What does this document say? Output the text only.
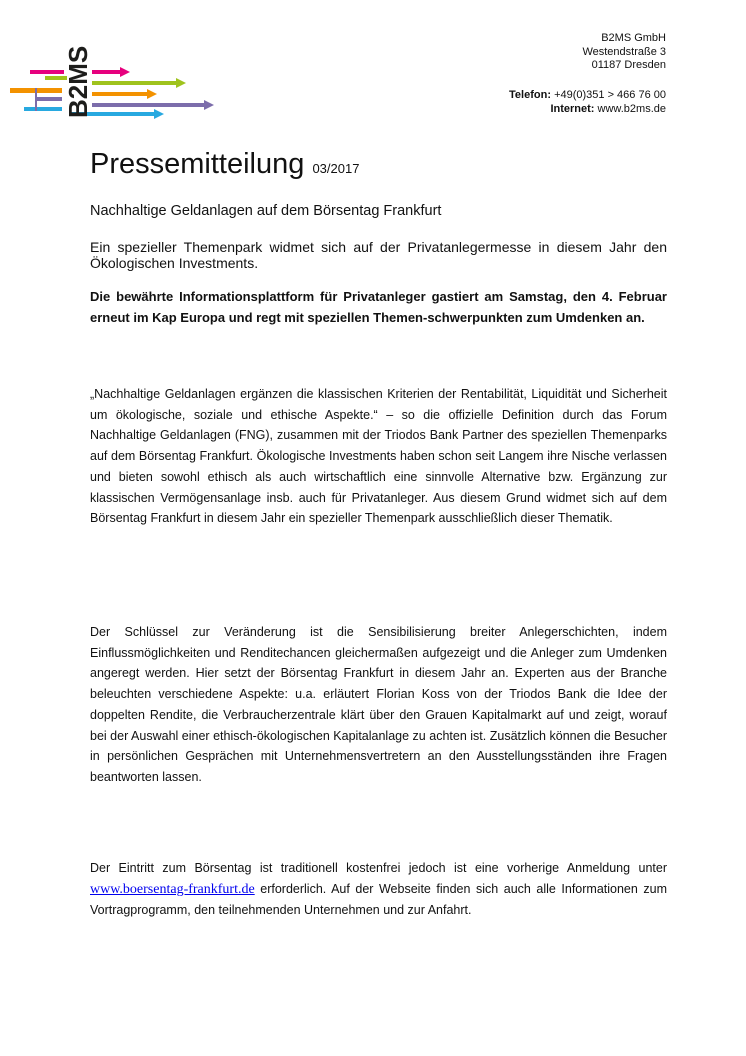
B2MS
B2MS GmbH
Westendstraße 3
01187 Dresden
Telefon: +49(0)351 > 466 76 00
Internet: www.b2ms.de
Pressemitteilung 03/2017
Nachhaltige Geldanlagen auf dem Börsentag Frankfurt
Ein spezieller Themenpark widmet sich auf der Privatanlegermesse in diesem Jahr den Ökologischen Investments.
Die bewährte Informationsplattform für Privatanleger gastiert am Samstag, den 4. Februar erneut im Kap Europa und regt mit speziellen Themen-schwerpunkten zum Umdenken an.
„Nachhaltige Geldanlagen ergänzen die klassischen Kriterien der Rentabilität, Liquidität und Sicherheit um ökologische, soziale und ethische Aspekte.“ – so die offizielle Definition durch das Forum Nachhaltige Geldanlagen (FNG), zusammen mit der Triodos Bank Partner des speziellen Themenparks auf dem Börsentag Frankfurt. Ökologische Investments haben schon seit Langem ihre Nische verlassen und bieten sowohl ethisch als auch wirtschaftlich eine sinnvolle Alternative bzw. Ergänzung zur klassischen Vermögensanlage insb. auch für Privatanleger. Aus diesem Grund widmet sich auf dem Börsentag Frankfurt in diesem Jahr ein spezieller Themenpark ausschließlich dieser Thematik.
Der Schlüssel zur Veränderung ist die Sensibilisierung breiter Anlegerschichten, indem Einflussmöglichkeiten und Renditechancen gleichermaßen aufgezeigt und die Anleger zum Umdenken angeregt werden. Hier setzt der Börsentag Frankfurt in diesem Jahr an. Experten aus der Branche beleuchten verschiedene Aspekte: u.a. erläutert Florian Koss von der Triodos Bank die Idee der doppelten Rendite, die Verbraucherzentrale klärt über den Grauen Kapitalmarkt auf und zeigt, worauf bei der Auswahl einer ethisch-ökologischen Kapitalanlage zu achten ist. Zusätzlich können die Besucher in persönlichen Gesprächen mit Unternehmensvertretern an den Ausstellungsständen ihre Fragen beantworten lassen.
Der Eintritt zum Börsentag ist traditionell kostenfrei jedoch ist eine vorherige Anmeldung unter www.boersentag-frankfurt.de erforderlich. Auf der Webseite finden sich auch alle Informationen zum Vortragprogramm, den teilnehmenden Unternehmen und zur Anfahrt.
